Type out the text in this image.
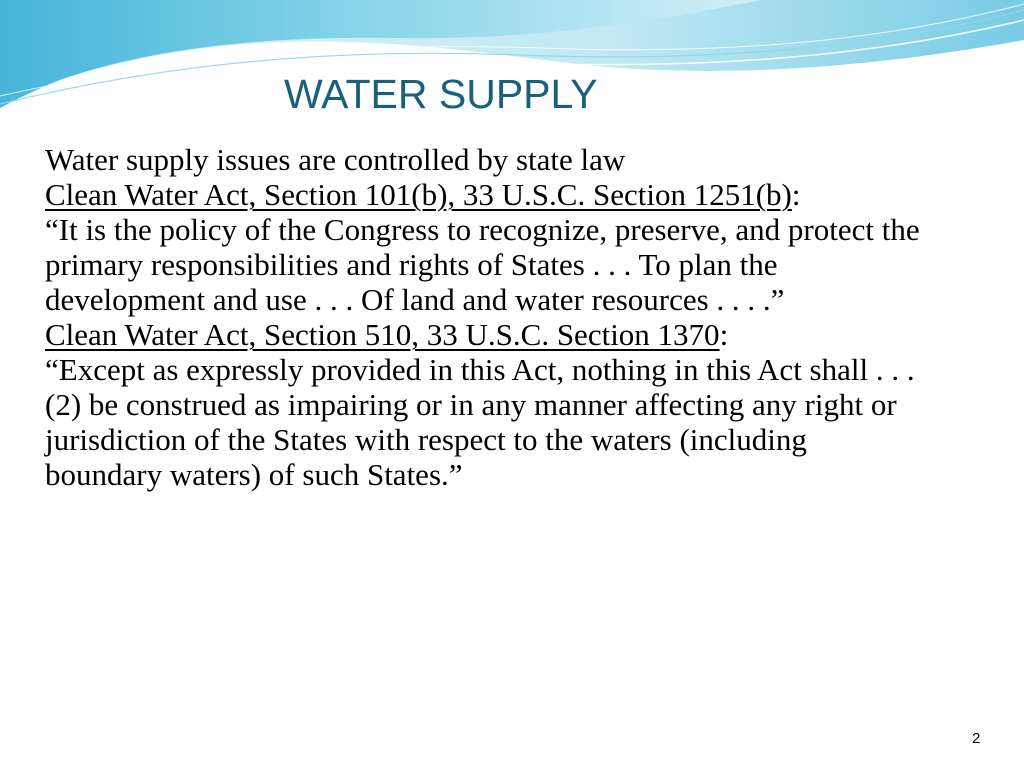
WATER SUPPLY

Water supply issues are controlled by state law

Clean Water Act, Section 101(b), 33 U.S.C. Section 1251(b):

“It is the policy of the Congress to recognize, preserve, and protect the primary responsibilities and rights of States . . . To plan the development and use . . . Of land and water resources . . . .”

Clean Water Act, Section 510, 33 U.S.C. Section 1370:

“Except as expressly provided in this Act, nothing in this Act shall . . . (2) be construed as impairing or in any manner affecting any right or jurisdiction of the States with respect to the waters (including boundary waters) of such States.”

2
